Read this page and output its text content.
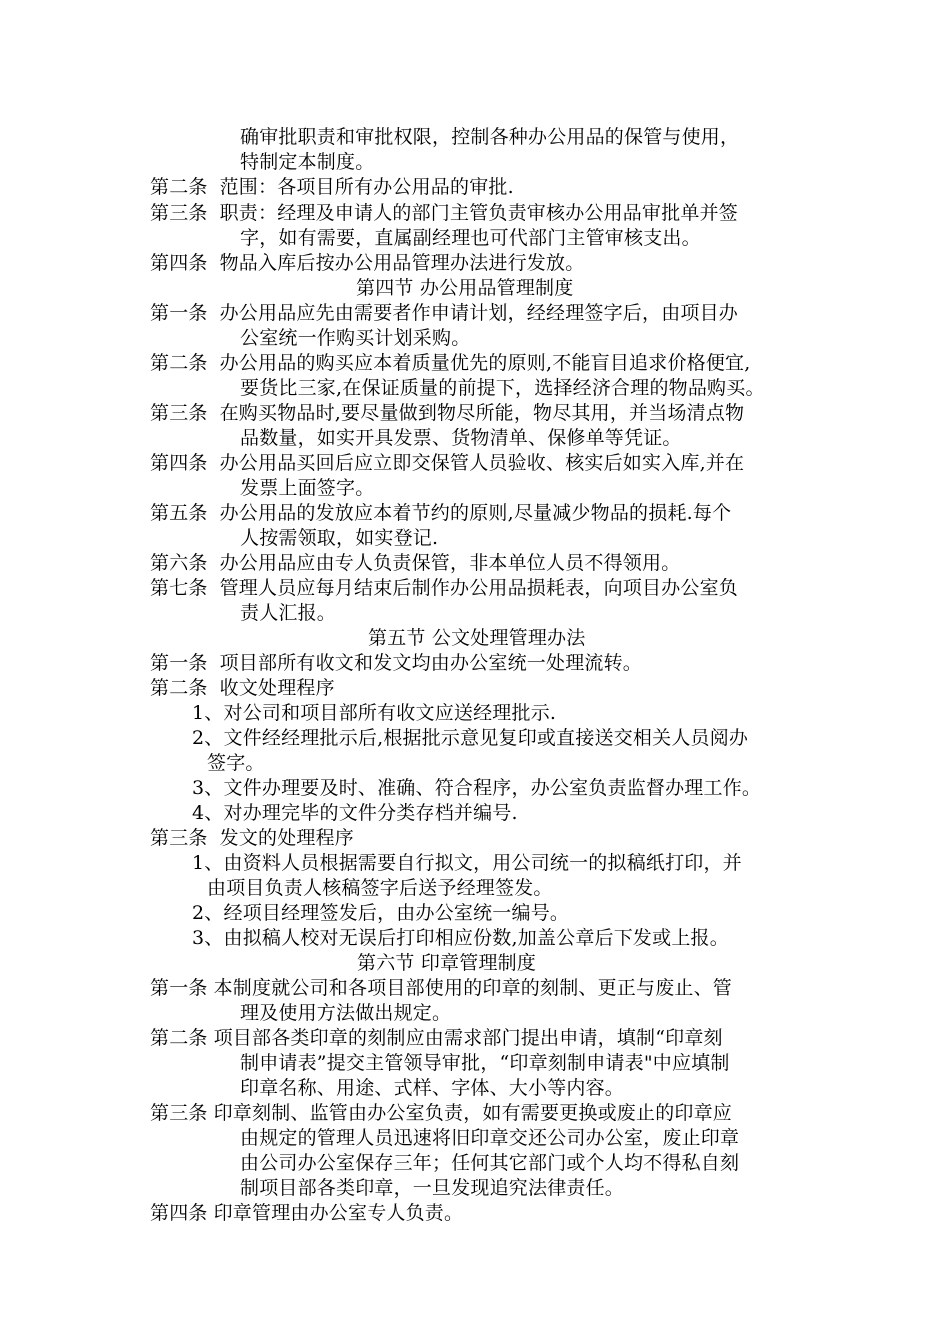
确审批职责和审批权限，控制各种办公用品的保管与使用，
特制定本制度。
第二条 范围：各项目所有办公用品的审批.
第三条 职责：经理及申请人的部门主管负责审核办公用品审批单并签
字，如有需要，直属副经理也可代部门主管审核支出。
第四条 物品入库后按办公用品管理办法进行发放。
第四节 办公用品管理制度
第一条 办公用品应先由需要者作申请计划，经经理签字后，由项目办
公室统一作购买计划采购。
第二条 办公用品的购买应本着质量优先的原则,不能盲目追求价格便宜,
要货比三家,在保证质量的前提下，选择经济合理的物品购买。
第三条 在购买物品时,要尽量做到物尽所能，物尽其用，并当场清点物
品数量，如实开具发票、货物清单、保修单等凭证。
第四条 办公用品买回后应立即交保管人员验收、核实后如实入库,并在
发票上面签字。
第五条 办公用品的发放应本着节约的原则,尽量减少物品的损耗.每个
人按需领取，如实登记.
第六条 办公用品应由专人负责保管，非本单位人员不得领用。
第七条 管理人员应每月结束后制作办公用品损耗表，向项目办公室负
责人汇报。
第五节 公文处理管理办法
第一条 项目部所有收文和发文均由办公室统一处理流转。
第二条 收文处理程序
1、对公司和项目部所有收文应送经理批示.
2、文件经经理批示后,根据批示意见复印或直接送交相关人员阅办
签字。
3、文件办理要及时、准确、符合程序，办公室负责监督办理工作。
4、对办理完毕的文件分类存档并编号.
第三条 发文的处理程序
1、由资料人员根据需要自行拟文，用公司统一的拟稿纸打印，并
由项目负责人核稿签字后送予经理签发。
2、经项目经理签发后，由办公室统一编号。
3、由拟稿人校对无误后打印相应份数,加盖公章后下发或上报。
第六节 印章管理制度
第一条 本制度就公司和各项目部使用的印章的刻制、更正与废止、管
理及使用方法做出规定。
第二条 项目部各类印章的刻制应由需求部门提出申请，填制“印章刻
制申请表”提交主管领导审批，“印章刻制申请表"中应填制
印章名称、用途、式样、字体、大小等内容。
第三条 印章刻制、监管由办公室负责，如有需要更换或废止的印章应
由规定的管理人员迅速将旧印章交还公司办公室，废止印章
由公司办公室保存三年；任何其它部门或个人均不得私自刻
制项目部各类印章，一旦发现追究法律责任。
第四条 印章管理由办公室专人负责。
